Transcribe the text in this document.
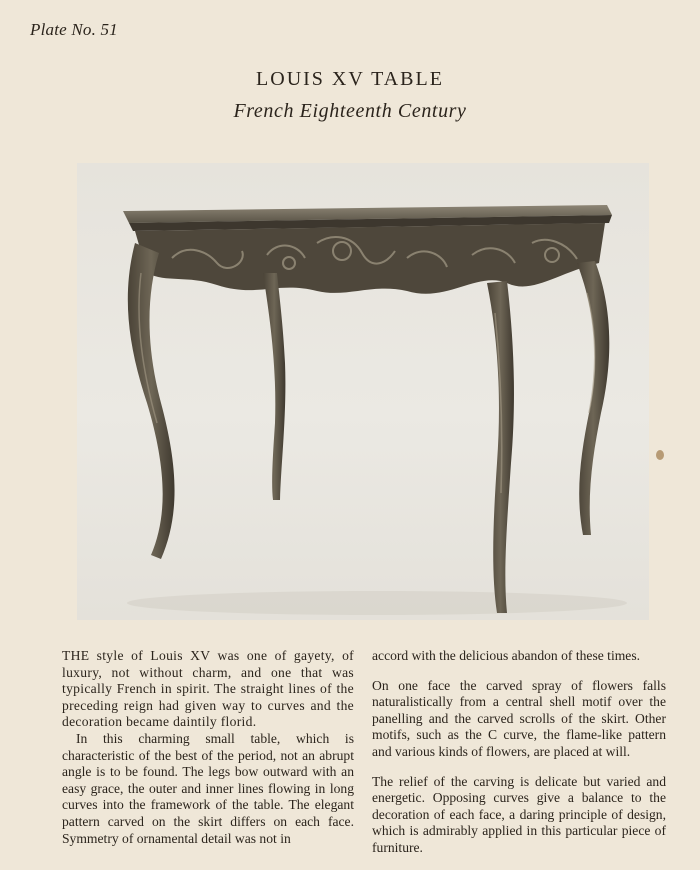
Plate No. 51
LOUIS XV TABLE
French Eighteenth Century

THE style of Louis XV was one of gayety, of luxury, not without charm, and one that was typically French in spirit. The straight lines of the preceding reign had given way to curves and the decoration became daintily florid.

In this charming small table, which is characteristic of the best of the period, not an abrupt angle is to be found. The legs bow outward with an easy grace, the outer and inner lines flowing in long curves into the framework of the table. The elegant pattern carved on the skirt differs on each face. Symmetry of ornamental detail was not in

accord with the delicious abandon of these times.

On one face the carved spray of flowers falls naturalistically from a central shell motif over the panelling and the carved scrolls of the skirt. Other motifs, such as the C curve, the flame-like pattern and various kinds of flowers, are placed at will.

The relief of the carving is delicate but varied and energetic. Opposing curves give a balance to the decoration of each face, a daring principle of design, which is admirably applied in this particular piece of furniture.
